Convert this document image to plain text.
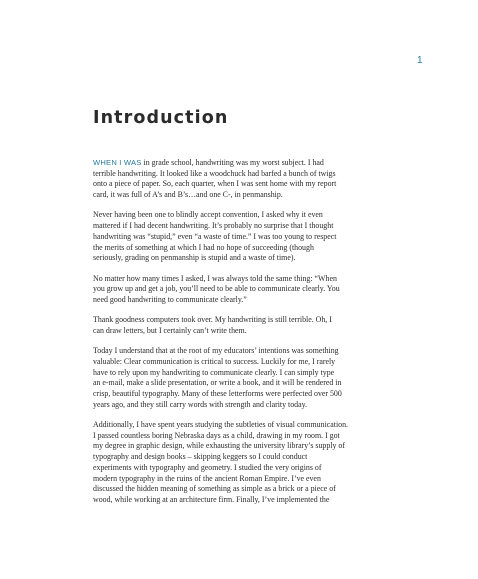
1
Introduction

WHEN I WAS in grade school, handwriting was my worst subject. I had
terrible handwriting. It looked like a woodchuck had barfed a bunch of twigs
onto a piece of paper. So, each quarter, when I was sent home with my report
card, it was full of A’s and B’s…and one C-, in penmanship.

Never having been one to blindly accept convention, I asked why it even
mattered if I had decent handwriting. It’s probably no surprise that I thought
handwriting was “stupid,” even “a waste of time.” I was too young to respect
the merits of something at which I had no hope of succeeding (though
seriously, grading on penmanship is stupid and a waste of time).

No matter how many times I asked, I was always told the same thing: “When
you grow up and get a job, you’ll need to be able to communicate clearly. You
need good handwriting to communicate clearly.”

Thank goodness computers took over. My handwriting is still terrible. Oh, I
can draw letters, but I certainly can’t write them.

Today I understand that at the root of my educators’ intentions was something
valuable: Clear communication is critical to success. Luckily for me, I rarely
have to rely upon my handwriting to communicate clearly. I can simply type
an e-mail, make a slide presentation, or write a book, and it will be rendered in
crisp, beautiful typography. Many of these letterforms were perfected over 500
years ago, and they still carry words with strength and clarity today.

Additionally, I have spent years studying the subtleties of visual communication.
I passed countless boring Nebraska days as a child, drawing in my room. I got
my degree in graphic design, while exhausting the university library’s supply of
typography and design books – skipping keggers so I could conduct
experiments with typography and geometry. I studied the very origins of
modern typography in the ruins of the ancient Roman Empire. I’ve even
discussed the hidden meaning of something as simple as a brick or a piece of
wood, while working at an architecture firm. Finally, I’ve implemented the
